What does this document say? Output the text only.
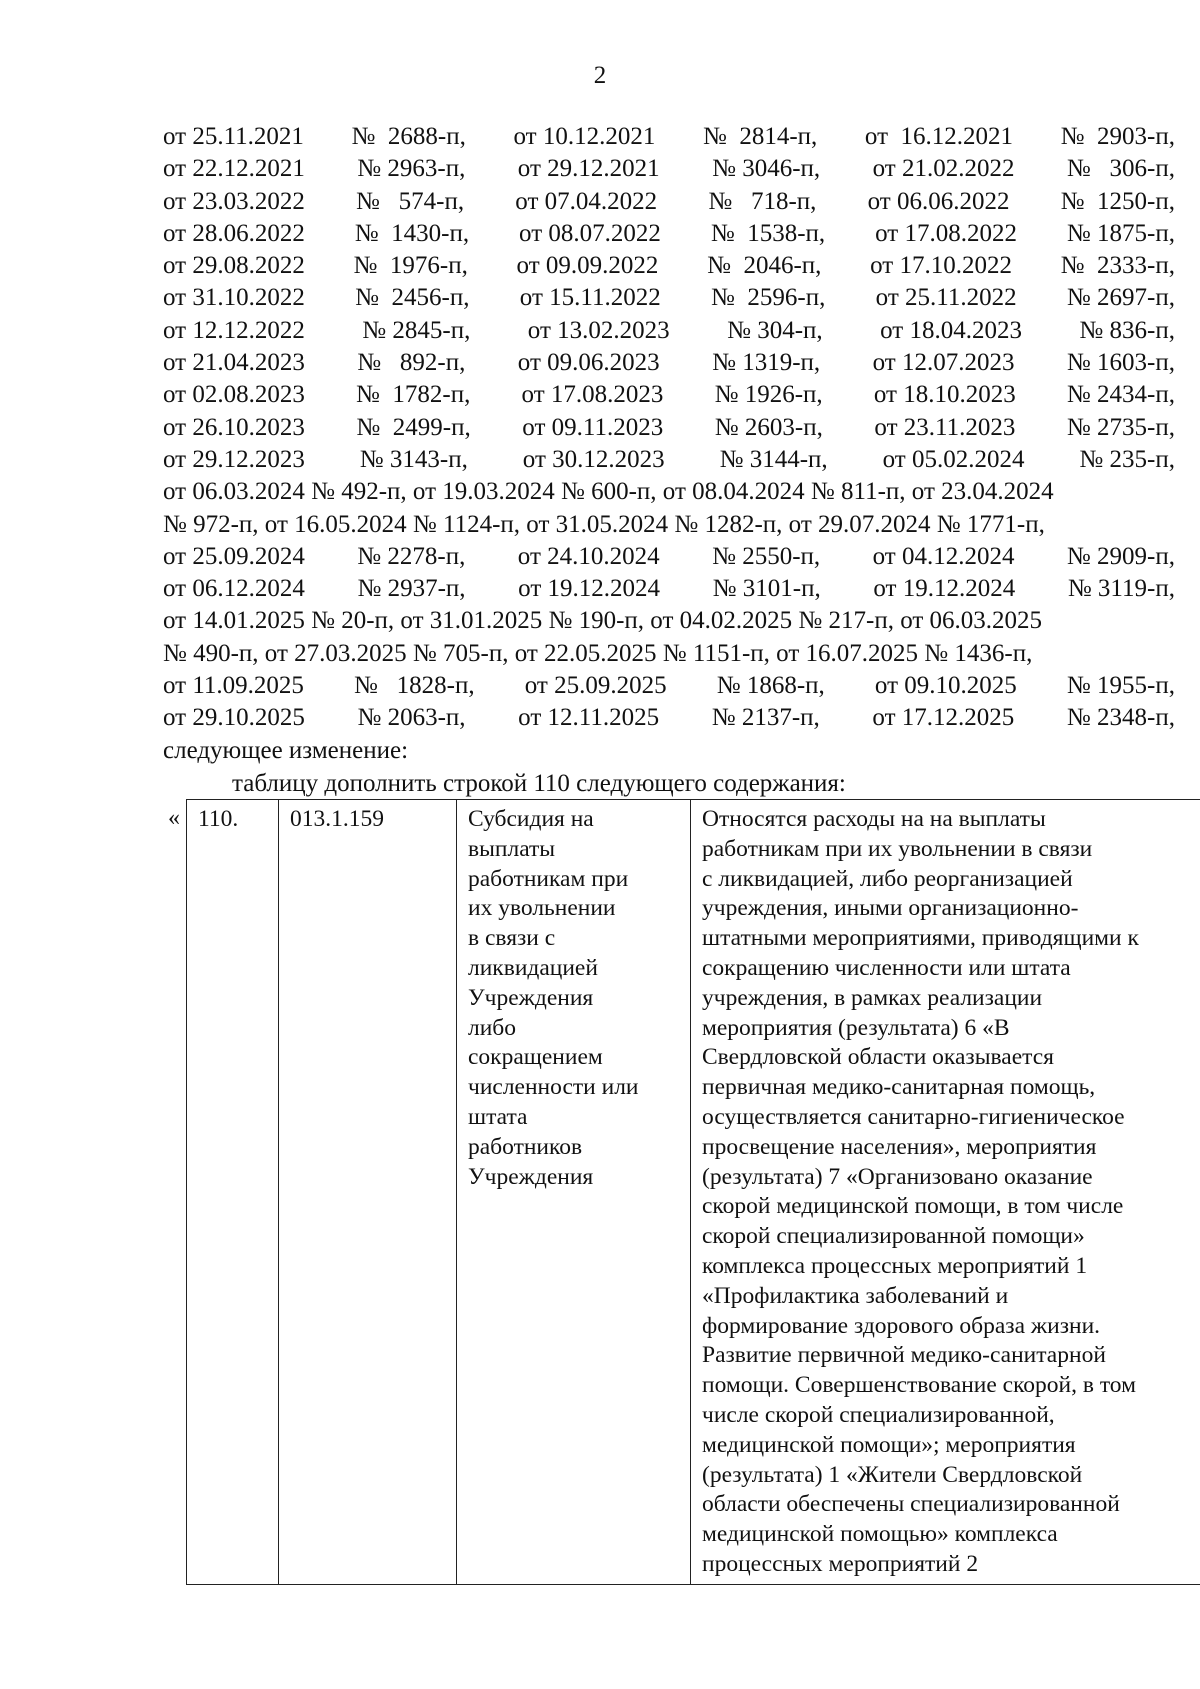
2
от 25.11.2021 №  2688-п, от 10.12.2021 №  2814-п, от  16.12.2021 №  2903-п,
от 22.12.2021 № 2963-п, от 29.12.2021 № 3046-п, от 21.02.2022 №   306-п,
от 23.03.2022 №   574-п, от 07.04.2022 №   718-п, от 06.06.2022 №  1250-п,
от 28.06.2022 №  1430-п, от 08.07.2022 №  1538-п, от 17.08.2022 № 1875-п,
от 29.08.2022 №  1976-п, от 09.09.2022 №  2046-п, от 17.10.2022 №  2333-п,
от 31.10.2022 №  2456-п, от 15.11.2022 №  2596-п, от 25.11.2022 № 2697-п,
от 12.12.2022 № 2845-п, от 13.02.2023 № 304-п, от 18.04.2023 № 836-п,
от 21.04.2023 №   892-п, от 09.06.2023 № 1319-п, от 12.07.2023 № 1603-п,
от 02.08.2023 №  1782-п, от 17.08.2023 № 1926-п, от 18.10.2023 № 2434-п,
от 26.10.2023 №  2499-п, от 09.11.2023 № 2603-п, от 23.11.2023 № 2735-п,
от 29.12.2023 № 3143-п, от 30.12.2023 № 3144-п, от 05.02.2024 № 235-п,
от 06.03.2024 № 492-п, от 19.03.2024 № 600-п, от 08.04.2024 № 811-п, от 23.04.2024
№ 972-п, от 16.05.2024 № 1124-п, от 31.05.2024 № 1282-п, от 29.07.2024 № 1771-п,
от 25.09.2024 № 2278-п, от 24.10.2024 № 2550-п, от 04.12.2024 № 2909-п,
от 06.12.2024 № 2937-п, от 19.12.2024 № 3101-п, от 19.12.2024 № 3119-п,
от 14.01.2025 № 20-п, от 31.01.2025 № 190-п, от 04.02.2025 № 217-п, от 06.03.2025
№ 490-п, от 27.03.2025 № 705-п, от 22.05.2025 № 1151-п, от 16.07.2025 № 1436-п,
от 11.09.2025 №   1828-п, от 25.09.2025 № 1868-п, от 09.10.2025 № 1955-п,
от 29.10.2025 № 2063-п, от 12.11.2025 № 2137-п, от 17.12.2025 № 2348-п,
следующее изменение:
таблицу дополнить строкой 110 следующего содержания:
« 110.	013.1.159	Субсидия на
выплаты
работникам при
их увольнении
в связи с
ликвидацией
Учреждения
либо
сокращением
численности или
штата
работников
Учреждения

Относятся расходы на на выплаты
работникам при их увольнении в связи
с ликвидацией, либо реорганизацией
учреждения, иными организационно-
штатными мероприятиями, приводящими к
сокращению численности или штата
учреждения, в рамках реализации
мероприятия (результата) 6 «В
Свердловской области оказывается
первичная медико-санитарная помощь,
осуществляется санитарно-гигиеническое
просвещение населения», мероприятия
(результата) 7 «Организовано оказание
скорой медицинской помощи, в том числе
скорой специализированной помощи»
комплекса процессных мероприятий 1
«Профилактика заболеваний и
формирование здорового образа жизни.
Развитие первичной медико-санитарной
помощи. Совершенствование скорой, в том
числе скорой специализированной,
медицинской помощи»; мероприятия
(результата) 1 «Жители Свердловской
области обеспечены специализированной
медицинской помощью» комплекса
процессных мероприятий 2
